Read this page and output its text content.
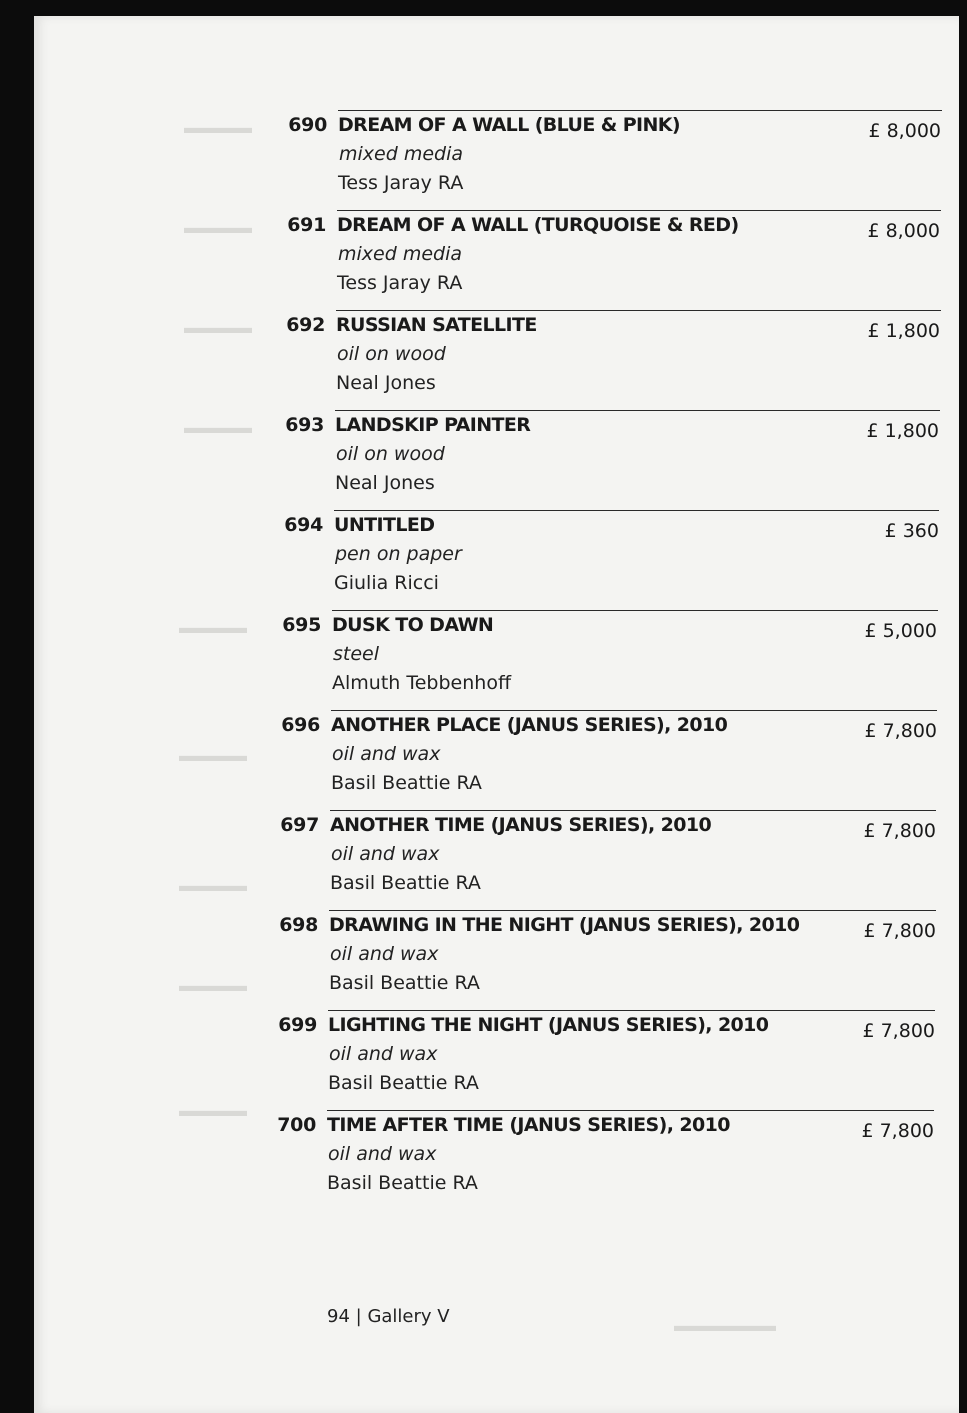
▬▬▬▬
▬▬▬▬
▬▬▬▬
▬▬▬▬
▬▬▬▬
▬▬▬▬
▬▬▬▬
▬▬▬▬
▬▬▬▬
▬▬▬▬▬▬
690 DREAM OF A WALL (BLUE & PINK)
mixed media
Tess Jaray RA
£ 8,000
691 DREAM OF A WALL (TURQUOISE & RED)
mixed media
Tess Jaray RA
£ 8,000
692 RUSSIAN SATELLITE
oil on wood
Neal Jones
£ 1,800
693 LANDSKIP PAINTER
oil on wood
Neal Jones
£ 1,800
694 UNTITLED
pen on paper
Giulia Ricci
£ 360
695 DUSK TO DAWN
steel
Almuth Tebbenhoff
£ 5,000
696 ANOTHER PLACE (JANUS SERIES), 2010
oil and wax
Basil Beattie RA
£ 7,800
697 ANOTHER TIME (JANUS SERIES), 2010
oil and wax
Basil Beattie RA
£ 7,800
698 DRAWING IN THE NIGHT (JANUS SERIES), 2010
oil and wax
Basil Beattie RA
£ 7,800
699 LIGHTING THE NIGHT (JANUS SERIES), 2010
oil and wax
Basil Beattie RA
£ 7,800
700 TIME AFTER TIME (JANUS SERIES), 2010
oil and wax
Basil Beattie RA
£ 7,800
94 | Gallery V
